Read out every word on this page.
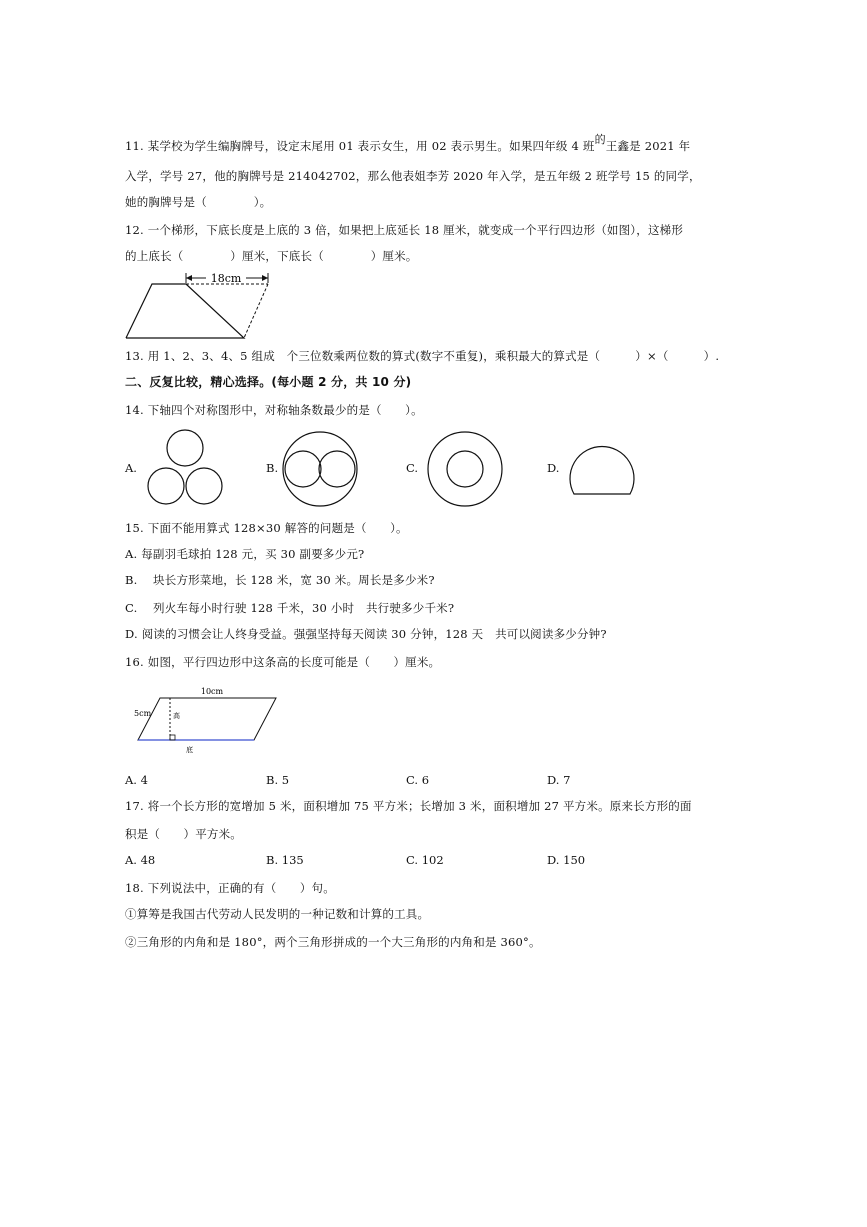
11. 某学校为学生编胸牌号，设定末尾用 01 表示女生，用 02 表示男生。如果四年级 4 班的王鑫是 2021 年
入学，学号 27，他的胸牌号是 214042702，那么他表姐李芳 2020 年入学，是五年级 2 班学号 15 的同学，
她的胸牌号是（　　　　）。
12. 一个梯形，下底长度是上底的 3 倍，如果把上底延长 18 厘米，就变成一个平行四边形（如图），这梯形
的上底长（　　　　）厘米，下底长（　　　　）厘米。
18cm
13. 用 1、2、3、4、5 组成　个三位数乘两位数的算式(数字不重复)，乘积最大的算式是（　　　）×（　　　）.
二、反复比较，精心选择。(每小题 2 分，共 10 分)
14. 下轴四个对称图形中，对称轴条数最少的是（　　）。
A.	B.	C.	D.
15. 下面不能用算式 128×30 解答的问题是（　　）。
A. 每副羽毛球拍 128 元，买 30 副要多少元?
B.　 块长方形菜地，长 128 米，宽 30 米。周长是多少米?
C.　 列火车每小时行驶 128 千米，30 小时　共行驶多少千米?
D. 阅读的习惯会让人终身受益。强强坚持每天阅读 30 分钟，128 天　共可以阅读多少分钟?
16. 如图，平行四边形中这条高的长度可能是（　　）厘米。
10cm
5cm	高
底
A. 4	B. 5	C. 6	D. 7
17. 将一个长方形的宽增加 5 米，面积增加 75 平方米；长增加 3 米，面积增加 27 平方米。原来长方形的面
积是（　　）平方米。
A. 48	B. 135	C. 102	D. 150
18. 下列说法中，正确的有（　　）句。
①算筹是我国古代劳动人民发明的一种记数和计算的工具。
②三角形的内角和是 180°，两个三角形拼成的一个大三角形的内角和是 360°。
